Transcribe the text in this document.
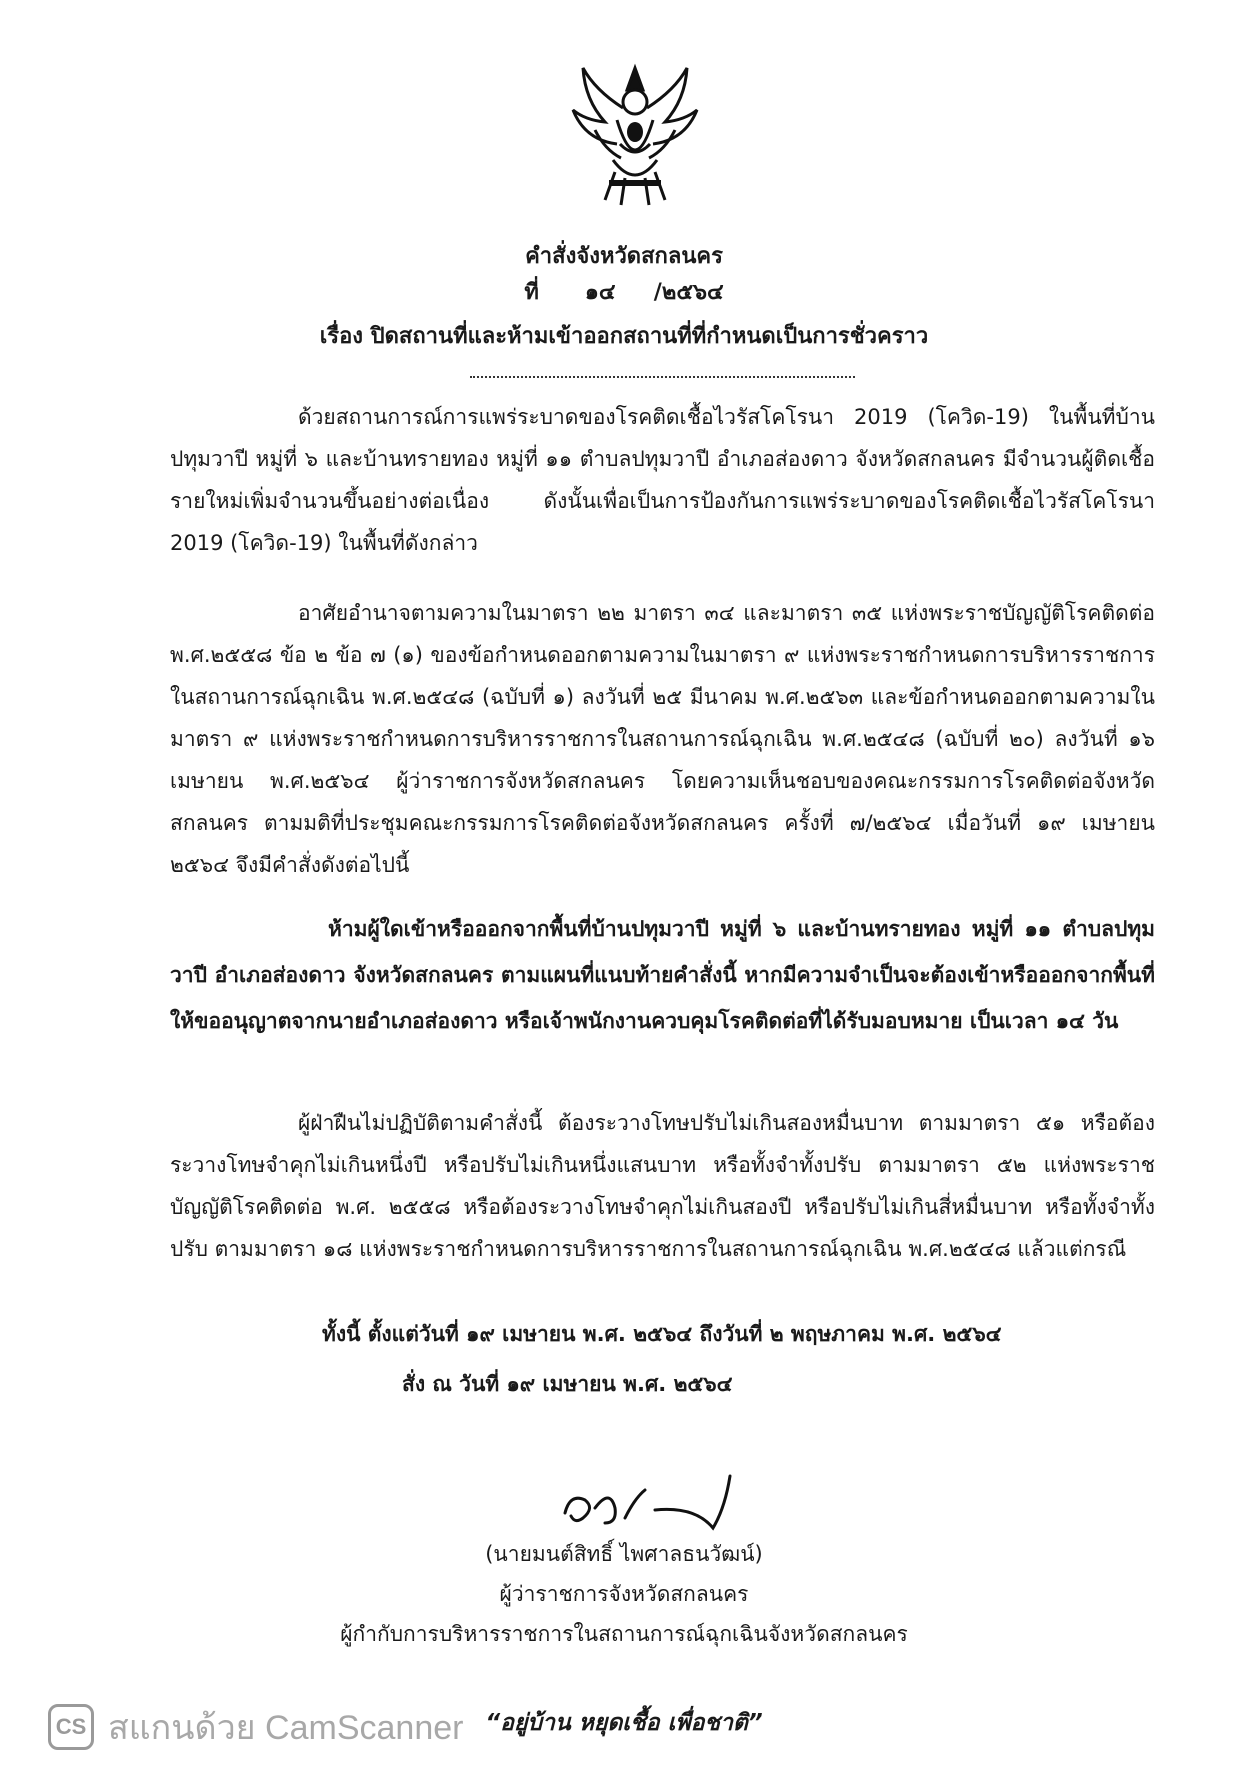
คำสั่งจังหวัดสกลนคร
ที่ ๑๔ /๒๕๖๔
เรื่อง ปิดสถานที่และห้ามเข้าออกสถานที่ที่กำหนดเป็นการชั่วคราว

ด้วยสถานการณ์การแพร่ระบาดของโรคติดเชื้อไวรัสโคโรนา 2019 (โควิด-19) ในพื้นที่บ้านปทุมวาปี หมู่ที่ ๖ และบ้านทรายทอง หมู่ที่ ๑๑ ตำบลปทุมวาปี อำเภอส่องดาว จังหวัดสกลนคร มีจำนวนผู้ติดเชื้อรายใหม่เพิ่มจำนวนขึ้นอย่างต่อเนื่อง ดังนั้นเพื่อเป็นการป้องกันการแพร่ระบาดของโรคติดเชื้อไวรัสโคโรนา 2019 (โควิด-19) ในพื้นที่ดังกล่าว

อาศัยอำนาจตามความในมาตรา ๒๒ มาตรา ๓๔ และมาตรา ๓๕ แห่งพระราชบัญญัติโรคติดต่อ พ.ศ.๒๕๕๘ ข้อ ๒ ข้อ ๗ (๑) ของข้อกำหนดออกตามความในมาตรา ๙ แห่งพระราชกำหนดการบริหารราชการในสถานการณ์ฉุกเฉิน พ.ศ.๒๕๔๘ (ฉบับที่ ๑) ลงวันที่ ๒๕ มีนาคม พ.ศ.๒๕๖๓ และข้อกำหนดออกตามความในมาตรา ๙ แห่งพระราชกำหนดการบริหารราชการในสถานการณ์ฉุกเฉิน พ.ศ.๒๕๔๘ (ฉบับที่ ๒๐) ลงวันที่ ๑๖ เมษายน พ.ศ.๒๕๖๔ ผู้ว่าราชการจังหวัดสกลนคร โดยความเห็นชอบของคณะกรรมการโรคติดต่อจังหวัดสกลนคร ตามมติที่ประชุมคณะกรรมการโรคติดต่อจังหวัดสกลนคร ครั้งที่ ๗/๒๕๖๔ เมื่อวันที่ ๑๙ เมษายน ๒๕๖๔ จึงมีคำสั่งดังต่อไปนี้

ห้ามผู้ใดเข้าหรือออกจากพื้นที่บ้านปทุมวาปี หมู่ที่ ๖ และบ้านทรายทอง หมู่ที่ ๑๑ ตำบลปทุมวาปี อำเภอส่องดาว จังหวัดสกลนคร ตามแผนที่แนบท้ายคำสั่งนี้ หากมีความจำเป็นจะต้องเข้าหรือออกจากพื้นที่ให้ขออนุญาตจากนายอำเภอส่องดาว หรือเจ้าพนักงานควบคุมโรคติดต่อที่ได้รับมอบหมาย เป็นเวลา ๑๔ วัน

ผู้ฝ่าฝืนไม่ปฏิบัติตามคำสั่งนี้ ต้องระวางโทษปรับไม่เกินสองหมื่นบาท ตามมาตรา ๕๑ หรือต้องระวางโทษจำคุกไม่เกินหนึ่งปี หรือปรับไม่เกินหนึ่งแสนบาท หรือทั้งจำทั้งปรับ ตามมาตรา ๕๒ แห่งพระราชบัญญัติโรคติดต่อ พ.ศ. ๒๕๕๘ หรือต้องระวางโทษจำคุกไม่เกินสองปี หรือปรับไม่เกินสี่หมื่นบาท หรือทั้งจำทั้งปรับ ตามมาตรา ๑๘ แห่งพระราชกำหนดการบริหารราชการในสถานการณ์ฉุกเฉิน พ.ศ.๒๕๔๘ แล้วแต่กรณี

ทั้งนี้ ตั้งแต่วันที่ ๑๙ เมษายน พ.ศ. ๒๕๖๔ ถึงวันที่ ๒ พฤษภาคม พ.ศ. ๒๕๖๔
สั่ง ณ วันที่ ๑๙ เมษายน พ.ศ. ๒๕๖๔
(นายมนต์สิทธิ์ ไพศาลธนวัฒน์)
ผู้ว่าราชการจังหวัดสกลนคร
ผู้กำกับการบริหารราชการในสถานการณ์ฉุกเฉินจังหวัดสกลนคร
“อยู่บ้าน หยุดเชื้อ เพื่อชาติ”
CS สแกนด้วย CamScanner
